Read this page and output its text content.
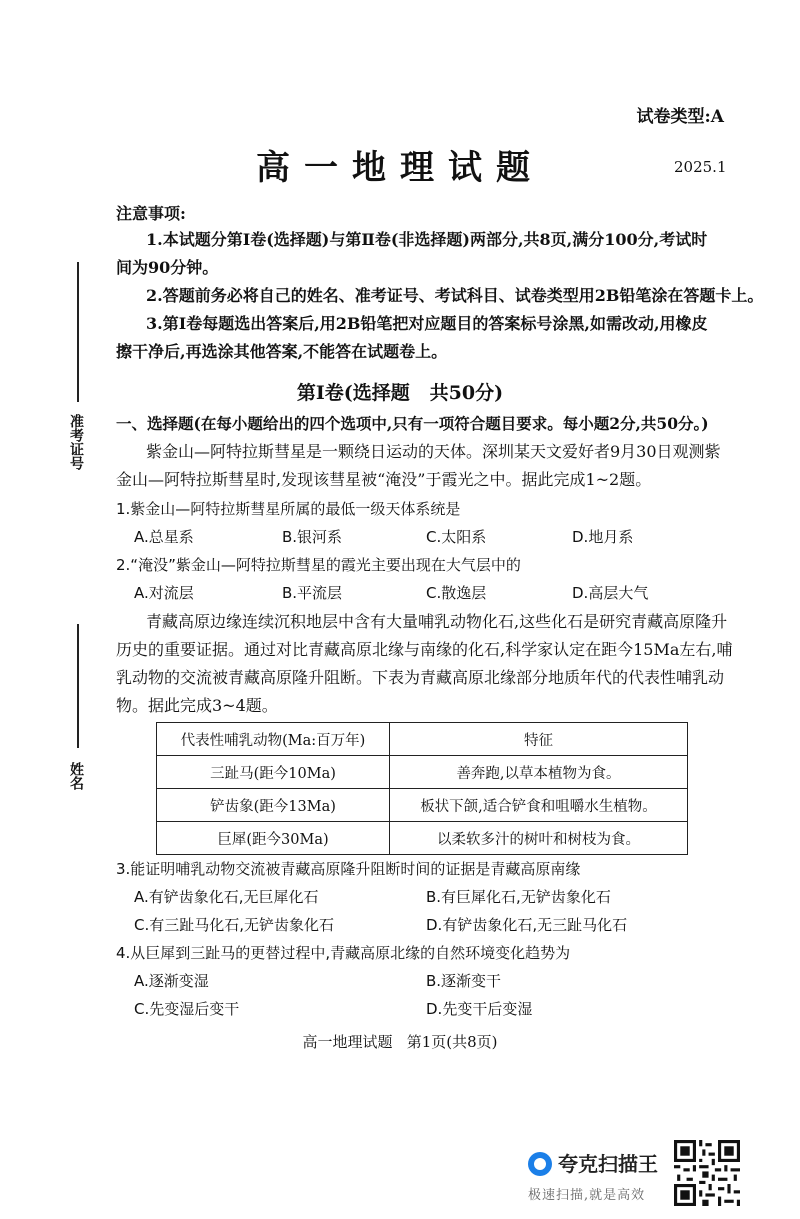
试卷类型:A
高一地理试题	2025.1
准考证号
姓名
注意事项:
1.本试题分第Ⅰ卷(选择题)与第Ⅱ卷(非选择题)两部分,共8页,满分100分,考试时
间为90分钟。
2.答题前务必将自己的姓名、准考证号、考试科目、试卷类型用2B铅笔涂在答题卡上。
3.第Ⅰ卷每题选出答案后,用2B铅笔把对应题目的答案标号涂黑,如需改动,用橡皮
擦干净后,再选涂其他答案,不能答在试题卷上。
第Ⅰ卷(选择题   共50分)
一、选择题(在每小题给出的四个选项中,只有一项符合题目要求。每小题2分,共50分。)
紫金山—阿特拉斯彗星是一颗绕日运动的天体。深圳某天文爱好者9月30日观测紫
金山—阿特拉斯彗星时,发现该彗星被“淹没”于霞光之中。据此完成1~2题。
1.紫金山—阿特拉斯彗星所属的最低一级天体系统是
A.总星系	B.银河系	C.太阳系	D.地月系
2.“淹没”紫金山—阿特拉斯彗星的霞光主要出现在大气层中的
A.对流层	B.平流层	C.散逸层	D.高层大气
青藏高原边缘连续沉积地层中含有大量哺乳动物化石,这些化石是研究青藏高原隆升
历史的重要证据。通过对比青藏高原北缘与南缘的化石,科学家认定在距今15Ma左右,哺
乳动物的交流被青藏高原隆升阻断。下表为青藏高原北缘部分地质年代的代表性哺乳动
物。据此完成3~4题。
代表性哺乳动物(Ma:百万年)	特征
三趾马(距今10Ma)	善奔跑,以草本植物为食。
铲齿象(距今13Ma)	板状下颌,适合铲食和咀嚼水生植物。
巨犀(距今30Ma)	以柔软多汁的树叶和树枝为食。
3.能证明哺乳动物交流被青藏高原隆升阻断时间的证据是青藏高原南缘
A.有铲齿象化石,无巨犀化石	B.有巨犀化石,无铲齿象化石
C.有三趾马化石,无铲齿象化石	D.有铲齿象化石,无三趾马化石
4.从巨犀到三趾马的更替过程中,青藏高原北缘的自然环境变化趋势为
A.逐渐变湿	B.逐渐变干
C.先变湿后变干	D.先变干后变湿
高一地理试题   第1页(共8页)
夸克扫描王
极速扫描,就是高效
